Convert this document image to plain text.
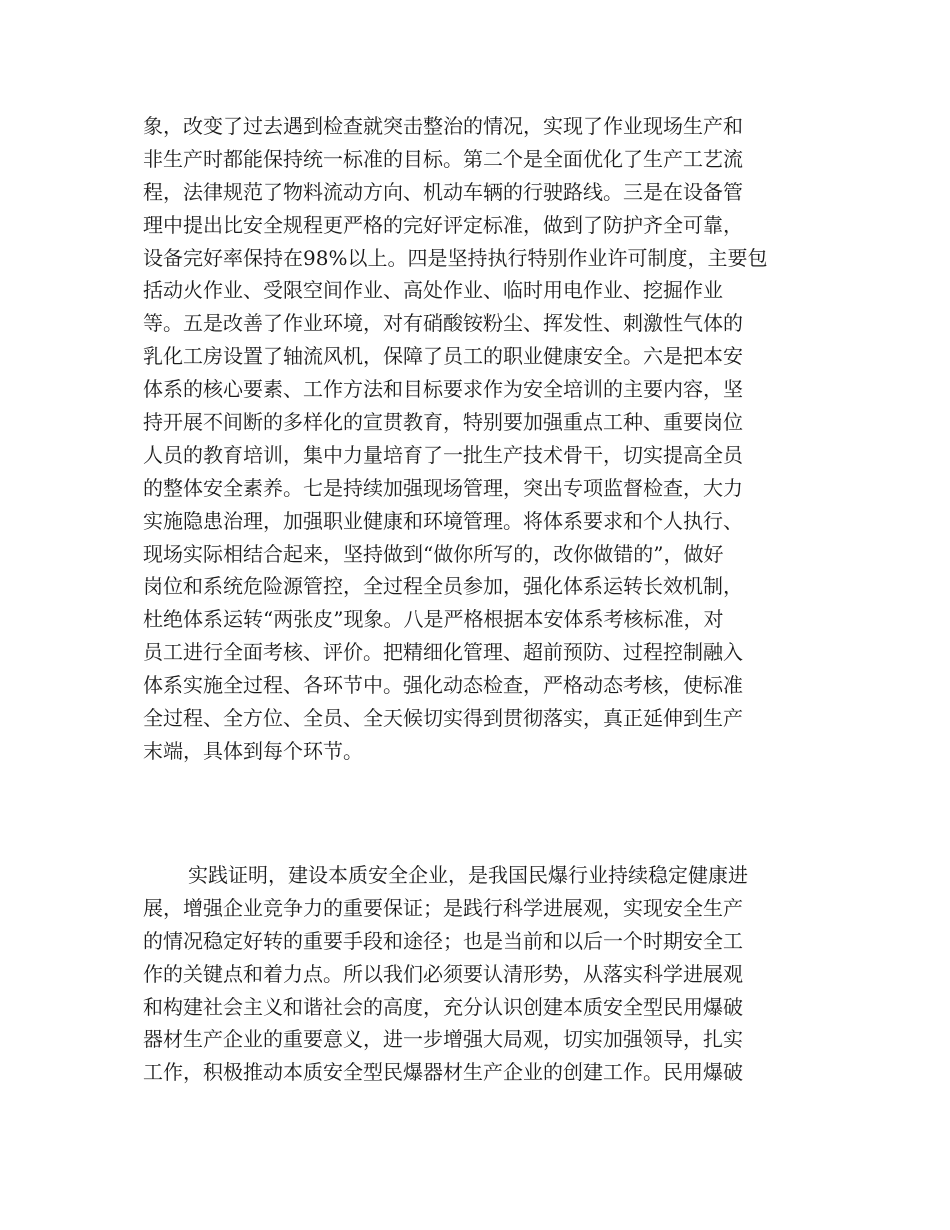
象，改变了过去遇到检查就突击整治的情况，实现了作业现场生产和
非生产时都能保持统一标准的目标。第二个是全面优化了生产工艺流
程，法律规范了物料流动方向、机动车辆的行驶路线。三是在设备管
理中提出比安全规程更严格的完好评定标准，做到了防护齐全可靠，
设备完好率保持在98%以上。四是坚持执行特别作业许可制度，主要包
括动火作业、受限空间作业、高处作业、临时用电作业、挖掘作业
等。五是改善了作业环境，对有硝酸铵粉尘、挥发性、刺激性气体的
乳化工房设置了轴流风机，保障了员工的职业健康安全。六是把本安
体系的核心要素、工作方法和目标要求作为安全培训的主要内容，坚
持开展不间断的多样化的宣贯教育，特别要加强重点工种、重要岗位
人员的教育培训，集中力量培育了一批生产技术骨干，切实提高全员
的整体安全素养。七是持续加强现场管理，突出专项监督检查，大力
实施隐患治理，加强职业健康和环境管理。将体系要求和个人执行、
现场实际相结合起来，坚持做到“做你所写的，改你做错的”，做好
岗位和系统危险源管控，全过程全员参加，强化体系运转长效机制，
杜绝体系运转“两张皮”现象。八是严格根据本安体系考核标准，对
员工进行全面考核、评价。把精细化管理、超前预防、过程控制融入
体系实施全过程、各环节中。强化动态检查，严格动态考核，使标准
全过程、全方位、全员、全天候切实得到贯彻落实，真正延伸到生产
末端，具体到每个环节。
实践证明，建设本质安全企业，是我国民爆行业持续稳定健康进
展，增强企业竞争力的重要保证；是践行科学进展观，实现安全生产
的情况稳定好转的重要手段和途径；也是当前和以后一个时期安全工
作的关键点和着力点。所以我们必须要认清形势，从落实科学进展观
和构建社会主义和谐社会的高度，充分认识创建本质安全型民用爆破
器材生产企业的重要意义，进一步增强大局观，切实加强领导，扎实
工作，积极推动本质安全型民爆器材生产企业的创建工作。民用爆破
